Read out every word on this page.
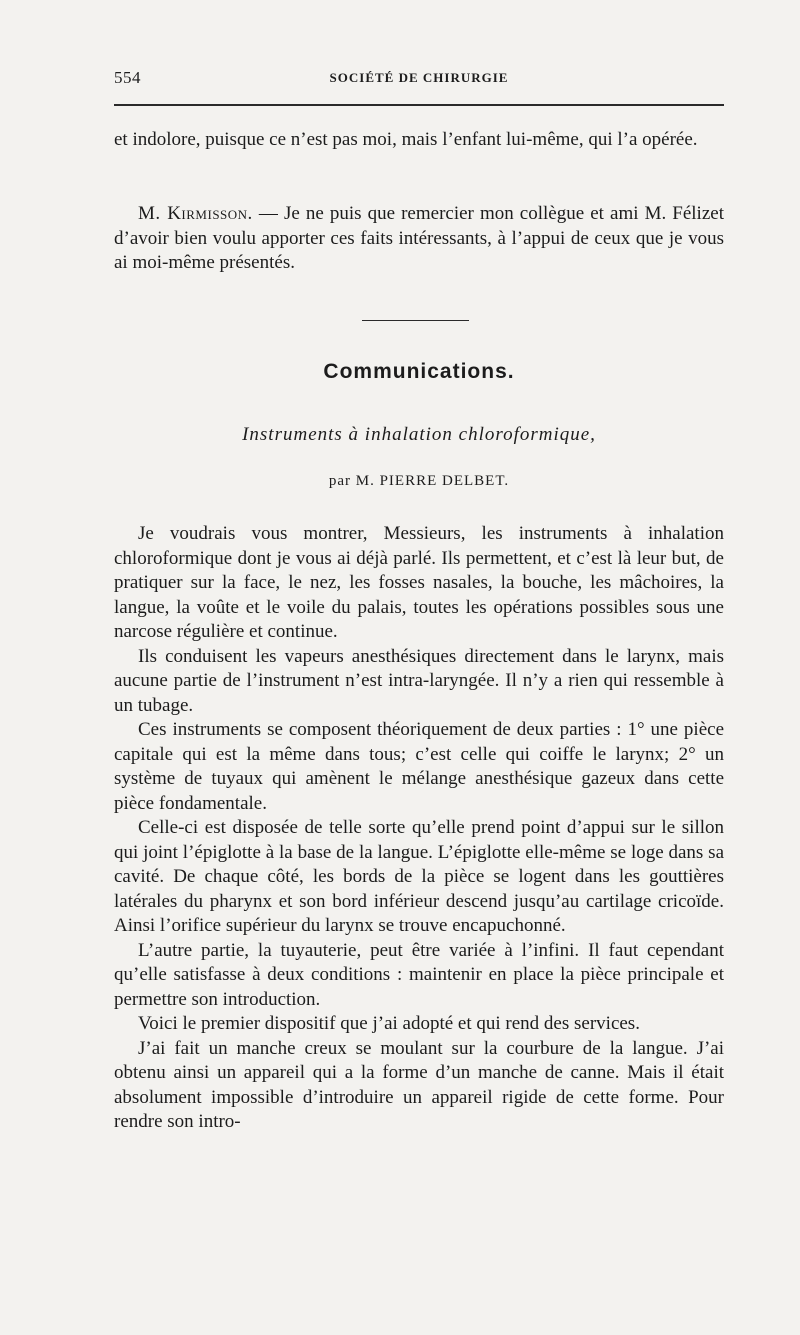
554	SOCIÉTÉ DE CHIRURGIE

et indolore, puisque ce n’est pas moi, mais l’enfant lui-même, qui l’a opérée.

M. Kirmisson. — Je ne puis que remercier mon collègue et ami M. Félizet d’avoir bien voulu apporter ces faits intéressants, à l’appui de ceux que je vous ai moi-même présentés.

Communications.
Instruments à inhalation chloroformique,
par M. PIERRE DELBET.

Je voudrais vous montrer, Messieurs, les instruments à inhalation chloroformique dont je vous ai déjà parlé. Ils permettent, et c’est là leur but, de pratiquer sur la face, le nez, les fosses nasales, la bouche, les mâchoires, la langue, la voûte et le voile du palais, toutes les opérations possibles sous une narcose régulière et continue.

Ils conduisent les vapeurs anesthésiques directement dans le larynx, mais aucune partie de l’instrument n’est intra-laryngée. Il n’y a rien qui ressemble à un tubage.

Ces instruments se composent théoriquement de deux parties : 1° une pièce capitale qui est la même dans tous; c’est celle qui coiffe le larynx; 2° un système de tuyaux qui amènent le mélange anesthésique gazeux dans cette pièce fondamentale.

Celle-ci est disposée de telle sorte qu’elle prend point d’appui sur le sillon qui joint l’épiglotte à la base de la langue. L’épiglotte elle-même se loge dans sa cavité. De chaque côté, les bords de la pièce se logent dans les gouttières latérales du pharynx et son bord inférieur descend jusqu’au cartilage cricoïde. Ainsi l’orifice supérieur du larynx se trouve encapuchonné.

L’autre partie, la tuyauterie, peut être variée à l’infini. Il faut cependant qu’elle satisfasse à deux conditions : maintenir en place la pièce principale et permettre son introduction.

Voici le premier dispositif que j’ai adopté et qui rend des services.

J’ai fait un manche creux se moulant sur la courbure de la langue. J’ai obtenu ainsi un appareil qui a la forme d’un manche de canne. Mais il était absolument impossible d’introduire un appareil rigide de cette forme. Pour rendre son intro-
